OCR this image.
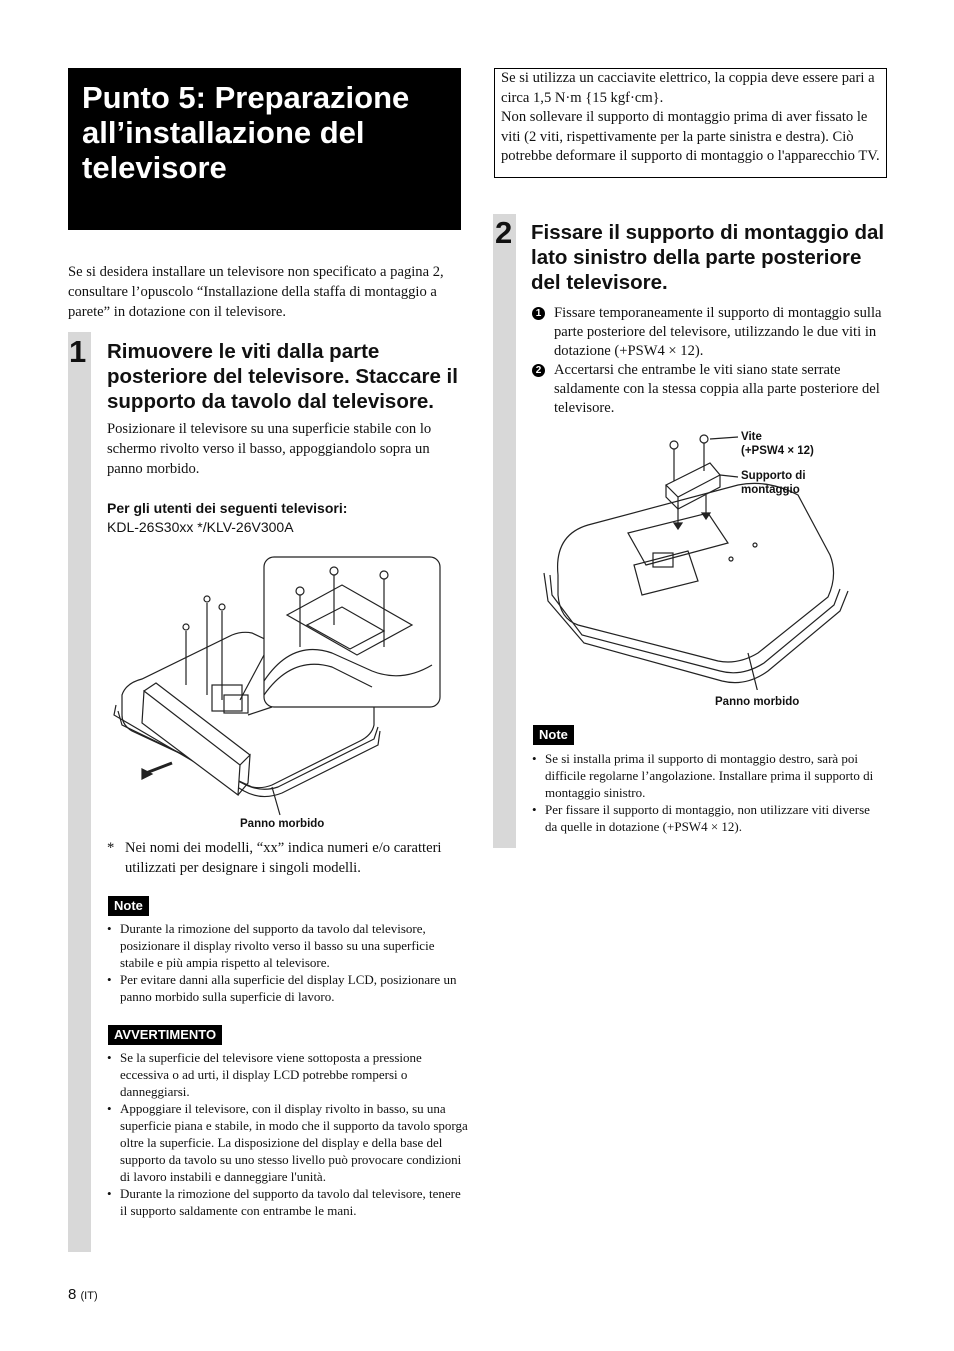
Punto 5: Preparazione all’installazione del televisore

Se si desidera installare un televisore non specificato a pagina 2, consultare l’opuscolo “Installazione della staffa di montaggio a parete” in dotazione con il televisore.

1 Rimuovere le viti dalla parte posteriore del televisore. Staccare il supporto da tavolo dal televisore.

Posizionare il televisore su una superficie stabile con lo schermo rivolto verso il basso, appoggiandolo sopra un panno morbido.

Per gli utenti dei seguenti televisori:
KDL-26S30xx */KLV-26V300A
Panno morbido
* Nei nomi dei modelli, “xx” indica numeri e/o caratteri utilizzati per designare i singoli modelli.
Note
• Durante la rimozione del supporto da tavolo dal televisore, posizionare il display rivolto verso il basso su una superficie stabile e più ampia rispetto al televisore.
• Per evitare danni alla superficie del display LCD, posizionare un panno morbido sulla superficie di lavoro.
AVVERTIMENTO
• Se la superficie del televisore viene sottoposta a pressione eccessiva o ad urti, il display LCD potrebbe rompersi o danneggiarsi.
• Appoggiare il televisore, con il display rivolto in basso, su una superficie piana e stabile, in modo che il supporto da tavolo sporga oltre la superficie. La disposizione del display e della base del supporto da tavolo su uno stesso livello può provocare condizioni di lavoro instabili e danneggiare l'unità.
• Durante la rimozione del supporto da tavolo dal televisore, tenere il supporto saldamente con entrambe le mani.
Se si utilizza un cacciavite elettrico, la coppia deve essere pari a circa 1,5 N·m {15 kgf·cm}.
Non sollevare il supporto di montaggio prima di aver fissato le viti (2 viti, rispettivamente per la parte sinistra e destra). Ciò potrebbe deformare il supporto di montaggio o l'apparecchio TV.
2 Fissare il supporto di montaggio dal lato sinistro della parte posteriore del televisore.
1 Fissare temporaneamente il supporto di montaggio sulla parte posteriore del televisore, utilizzando le due viti in dotazione (+PSW4 × 12).
2 Accertarsi che entrambe le viti siano state serrate saldamente con la stessa coppia alla parte posteriore del televisore.
Vite
(+PSW4 × 12)
Supporto di
montaggio
Panno morbido
Note
• Se si installa prima il supporto di montaggio destro, sarà poi difficile regolarne l’angolazione. Installare prima il supporto di montaggio sinistro.
• Per fissare il supporto di montaggio, non utilizzare viti diverse da quelle in dotazione (+PSW4 × 12).
8 (IT)
